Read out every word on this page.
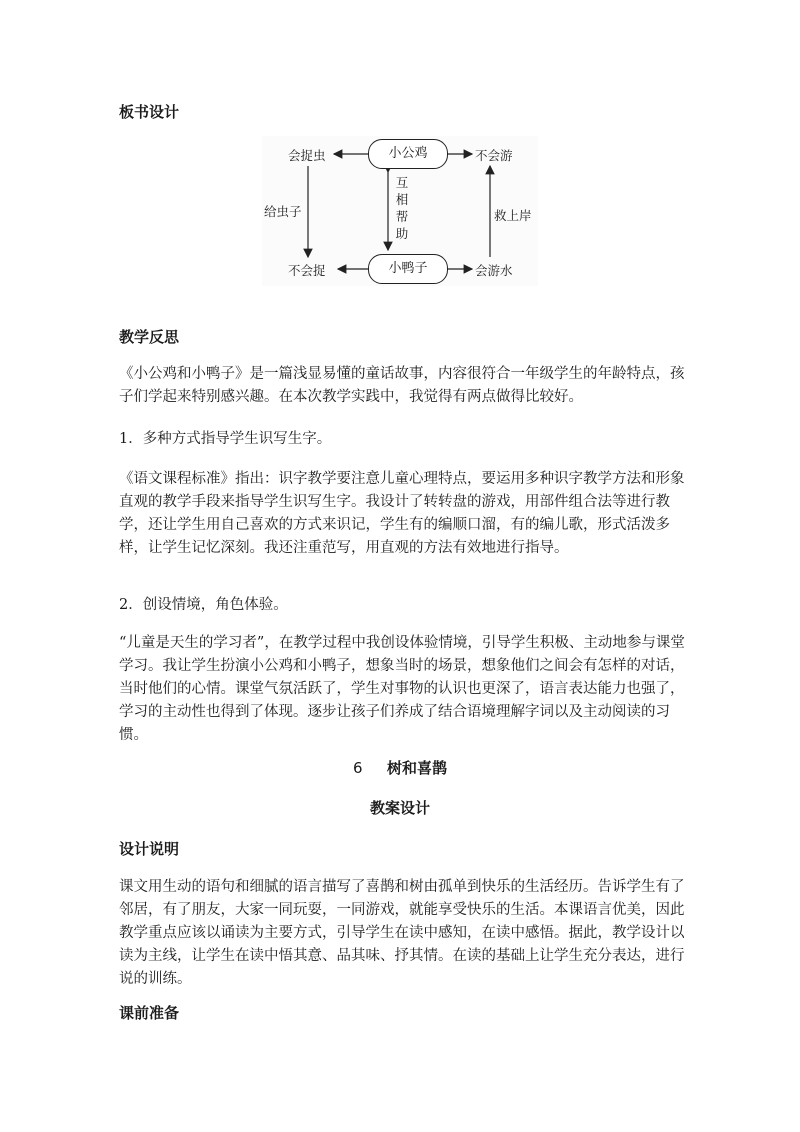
板书设计
小公鸡
小鸭子
会捉虫	不会游
不会捉	会游水
给虫子	救上岸
互
相
帮
助
教学反思

《小公鸡和小鸭子》是一篇浅显易懂的童话故事，内容很符合一年级学生的年龄特点，孩子们学起来特别感兴趣。在本次教学实践中，我觉得有两点做得比较好。

1．多种方式指导学生识写生字。

《语文课程标准》指出：识字教学要注意儿童心理特点，要运用多种识字教学方法和形象直观的教学手段来指导学生识写生字。我设计了转转盘的游戏，用部件组合法等进行教学，还让学生用自己喜欢的方式来识记，学生有的编顺口溜，有的编儿歌，形式活泼多样，让学生记忆深刻。我还注重范写，用直观的方法有效地进行指导。

2．创设情境，角色体验。

“儿童是天生的学习者”，在教学过程中我创设体验情境，引导学生积极、主动地参与课堂学习。我让学生扮演小公鸡和小鸭子，想象当时的场景，想象他们之间会有怎样的对话，当时他们的心情。课堂气氛活跃了，学生对事物的认识也更深了，语言表达能力也强了，学习的主动性也得到了体现。逐步让孩子们养成了结合语境理解字词以及主动阅读的习惯。

6 树和喜鹊
教案设计
设计说明

课文用生动的语句和细腻的语言描写了喜鹊和树由孤单到快乐的生活经历。告诉学生有了邻居，有了朋友，大家一同玩耍，一同游戏，就能享受快乐的生活。本课语言优美，因此教学重点应该以诵读为主要方式，引导学生在读中感知，在读中感悟。据此，教学设计以读为主线，让学生在读中悟其意、品其味、抒其情。在读的基础上让学生充分表达，进行说的训练。

课前准备
